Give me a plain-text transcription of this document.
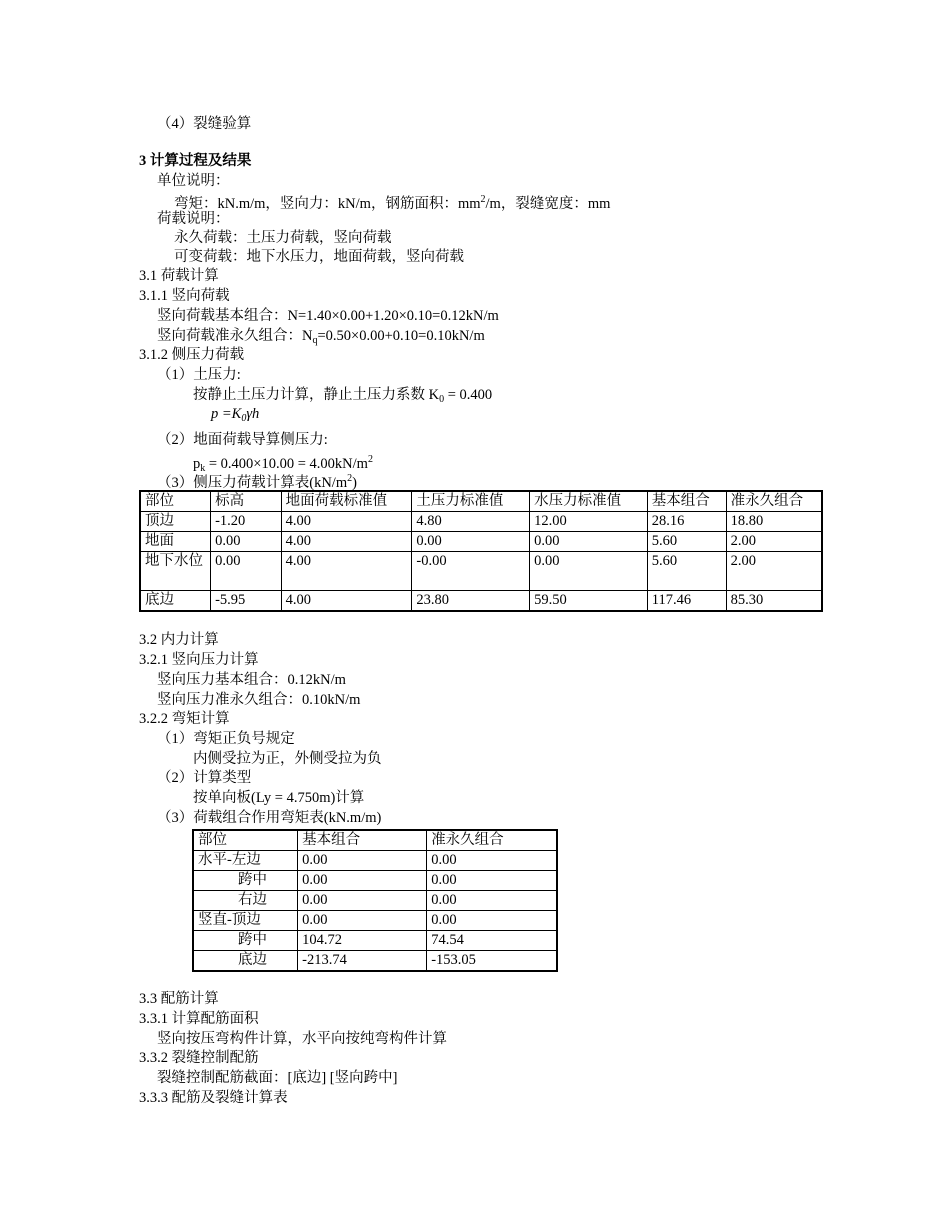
（4）裂缝验算
3 计算过程及结果
单位说明：
弯矩：kN.m/m，竖向力：kN/m，钢筋面积：$mm^2/m$，裂缝宽度：mm
荷载说明：
永久荷载：土压力荷载，竖向荷载
可变荷载：地下水压力，地面荷载，竖向荷载
3.1 荷载计算
3.1.1 竖向荷载
竖向荷载基本组合：N=1.40×0.00+1.20×0.10=0.12kN/m
竖向荷载准永久组合：$N_q=0.50\times 0.00+0.10=0.10kN/m$
3.1.2 侧压力荷载
（1）土压力:
按静止土压力计算，静止土压力系数 $K_0 = 0.400$
$p =K_0\gamma h$
（2）地面荷载导算侧压力:
$p_k = 0.400\times 10.00 = 4.00kN/m^2$
（3）侧压力荷载计算表$(kN/m^2)$
部位	标高	地面荷载标准值	土压力标准值	水压力标准值	基本组合	准永久组合
顶边	-1.20	4.00	4.80	12.00	28.16	18.80
地面	0.00	4.00	0.00	0.00	5.60	2.00
地下水位	0.00	4.00	-0.00	0.00	5.60	2.00
底边	-5.95	4.00	23.80	59.50	117.46	85.30
3.2 内力计算
3.2.1 竖向压力计算
竖向压力基本组合：0.12kN/m
竖向压力准永久组合：0.10kN/m
3.2.2 弯矩计算
（1）弯矩正负号规定
内侧受拉为正，外侧受拉为负
（2）计算类型
按单向板(Ly = 4.750m)计算
（3）荷载组合作用弯矩表(kN.m/m)
部位	基本组合	准永久组合
水平-左边	0.00	0.00
跨中	0.00	0.00
右边	0.00	0.00
竖直-顶边	0.00	0.00
跨中	104.72	74.54
底边	-213.74	-153.05
3.3 配筋计算
3.3.1 计算配筋面积
竖向按压弯构件计算，水平向按纯弯构件计算
3.3.2 裂缝控制配筋
裂缝控制配筋截面：[底边] [竖向跨中]
3.3.3 配筋及裂缝计算表
